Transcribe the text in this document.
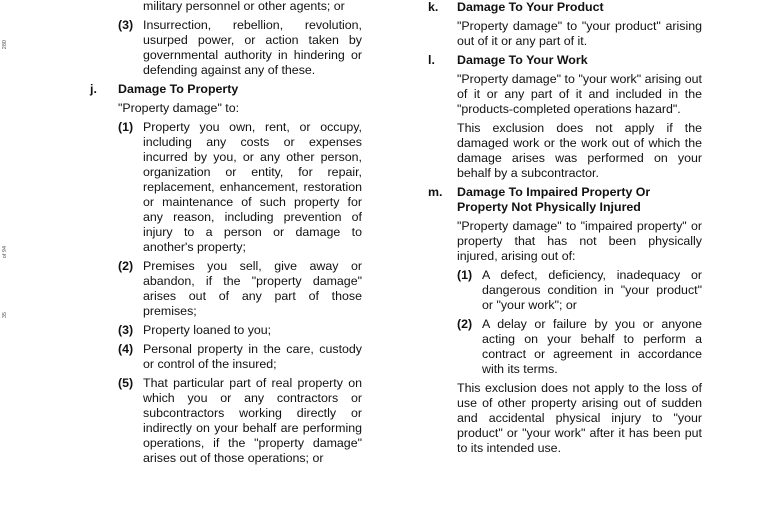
280
of 94
35

military personnel or other agents; or

(3) Insurrection, rebellion, revolution, usurped power, or action taken by governmental authority in hindering or defending against any of these.
j. Damage To Property
"Property damage" to:
(1) Property you own, rent, or occupy, including any costs or expenses incurred by you, or any other person, organization or entity, for repair, replacement, enhancement, restoration or maintenance of such property for any reason, including prevention of injury to a person or damage to another's property;
(2) Premises you sell, give away or abandon, if the "property damage" arises out of any part of those premises;
(3) Property loaned to you;
(4) Personal property in the care, custody or control of the insured;
(5) That particular part of real property on which you or any contractors or subcontractors working directly or indirectly on your behalf are performing operations, if the "property damage" arises out of those operations; or
k. Damage To Your Product
"Property damage" to "your product" arising out of it or any part of it.
l. Damage To Your Work
"Property damage" to "your work" arising out of it or any part of it and included in the "products-completed operations hazard".
This exclusion does not apply if the damaged work or the work out of which the damage arises was performed on your behalf by a subcontractor.
m. Damage To Impaired Property Or Property Not Physically Injured
"Property damage" to "impaired property" or property that has not been physically injured, arising out of:
(1) A defect, deficiency, inadequacy or dangerous condition in "your product" or "your work"; or
(2) A delay or failure by you or anyone acting on your behalf to perform a contract or agreement in accordance with its terms.
This exclusion does not apply to the loss of use of other property arising out of sudden and accidental physical injury to "your product" or "your work" after it has been put to its intended use.
